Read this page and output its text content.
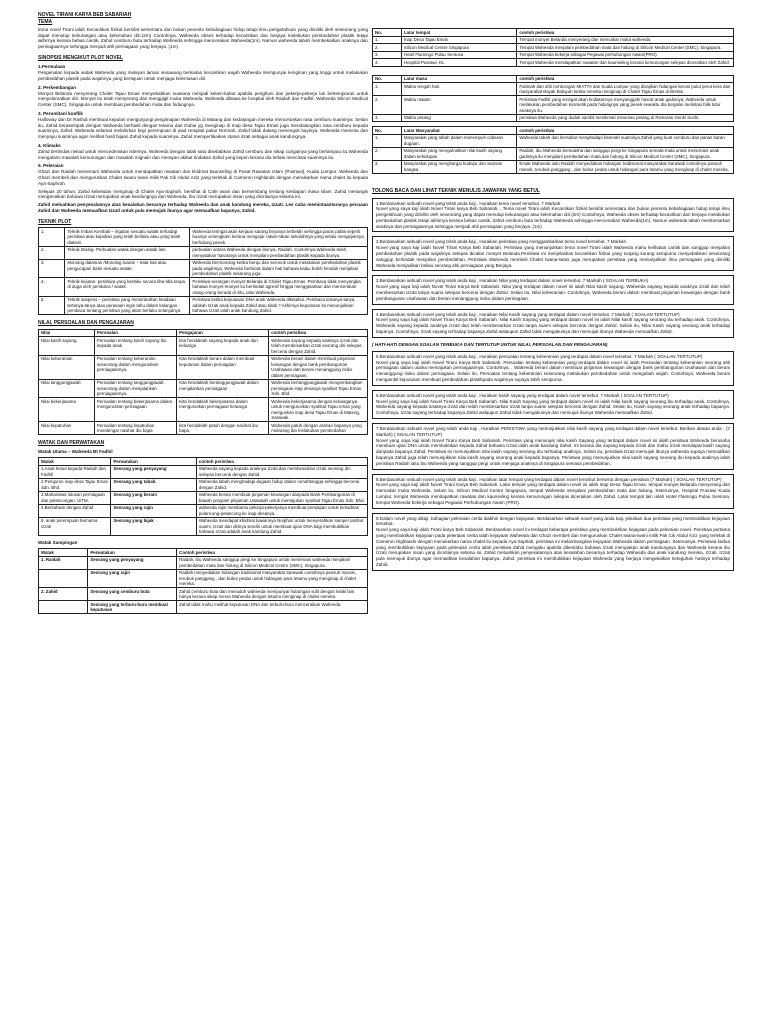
NOVEL TIRANI KARYA BEB SABARIAH

TEMA

tema novel Tirani ialah Kecantikan fizikal bersifat sementara dan bukan penentu kebahagiaan hidup tetapi ilmu pengetahuan yang dimiliki oleh seseorang yang dapat menutup kekurangan atau kelemahan diri.(2m) Contohnya, Waheeda obses terhadap kecantikan dan berjaya melakukan pembedahan plastik tetapi akhirnya kerana bebas cantik, Zahid cemburu buta terhadap Waheeda sehingga mencerakan Waheeda(1m). Namun waheeda tabah membekalkan anaknya dan perniagaannya sehingga menjadi ahli perniagaan yang berjaya. (1m)

SINOPSIS MENGIKUT PLOT NOVEL

1.Permulaan

Pengenalan kepada watak Waheeda yang melayari laman sesawang berkaitan kecantikan wajah Waheeda mempunyai kenginan yang tinggi untuk melakukan pembedahan plastik pada wajahnya yang bertujuan untuk menjaga kelemasan diri.

2. Perkembangan

Monyet Belanda menyerang Chalet Tajau Emas menyebabkan suasana menjadi kelam-kabut apabila penghuni dan pekerja-pekerja lari bertempiaran untuk menyelamatkan diri. Monyet itu telah menyerang dan menggigit muka Waheeda. Waheeda dibawa ke hospital oleh Raidah dan Fadhil. Waheeda Silicon Medical Center (SMC), Singapura untuk membuat pembedahan mata dan hidungnya.

3. Perumitan/ konflik

Halloway dan Dr Rashdi membuat kepulan mengunjungi pengimapan Waheeda di Matang dan kedatangan mereka mencetuskan rasa cemburu suaminya. Selain itu, Zahid berasempak dengan Waheeda berhasil dengan tetamu dari Dubai yg menginap di Inap desa Tajau Emas juga mendatangkan rasa cemburu kepada suaminya, Zahid. Waheeda selamat melahirkan bayi perempuan di wad Hospital pakar Normah, Zahid tidak datang menengok bayinya. Waheeda meminta dan menyayu suaminya agar melihat hasil bijaan Zahid kepada suaminya. Zahid mempertikaikan status itzati sebagai anak kandungnya.

4. Klimaks

Zahid bertindak nekad untuk mencederakan isterinya, Waheeda dengan talak satu disebabkan Zahid cemburu dan sikap curigainya yang berlampau itu.Waheeda mengalami masalah kemurungan dan masalah mignain dan merayan akibat tindakan Zahid yang kejam kerana dia terlalu mencintai suaminya itu.

5. Peleraian

Ghazi dan Raidah menemani Waheeda untuk mendapatkan rawatan dan khidmat kaunseling di Pusat Rawatan Islam (Pusrawi), Kuala Lumpur. Waheeda dan Ghazi membeli dan menguruskan Chalet Iwana Iwani milik Pak Cik Abdul Aziz yang terletak di Cameron Highlands dengan menukarkan nama chalet itu kepada Aya-Saphrah.

Selepas 20 tahun, Zahid kebetulan menginap di Chalet Aya-Saphah, bersihat di Cafe Iwani dan bersembang tentang kesilapan masa silam. Zahid menangis mengenalkan bahawa Izzati merupakan anak kandungnya dan Waheeda, ibu Izzati merupakan insan yang dicintainya selama ini.

Zahid meluahkan penyesalannya atas kesalahan besarnya terhadap Waheeda dan anak kandung mereka, Izzati. Les cuba memintaantaranya pecuaan Zahid dan Waheeda memaafkan Izzati untuk pula memujuk ibunya agar memaafkan bapanya, Zahid.

TEKNIK PLOT

1.	Teknik Imbas Kembali – ingatan sesuatu watak terhadap peristiwa atau kejadian yang telah berlaku atau yang telah dialami.	Waheeda teringat akan kerjaan sarang biryanya terbelah sehingga paras pabla seperti buanya cenengkam kerana mengejar rakan-rakan sekolahnya yang selalu mengejeknya berhidung penek.
2.	Teknik Dialog- Perbualan watak dengan watak lain.	perbualan antara Waheeda dengan ibunya, Raidah. Contohnya,Waheeda telah menyatakan hasratnya untuk menjalani pembedahan plastik kepada ibunya.
3.	Monolog dalaman /Monolog tuaran – kata hati atau pengucapan batin sesuatu watak.	Waheeda bermonolog ketika berqu dan seronok untuk melakukan pembedahan plastik pada wajahnya. Waheeda berbicak dalam hati bahawa kalau boleh hendak menjalani pembedahan plastik sekarang juga.
4.	Teknik kejutan- peristiwa yang berlaku secara tiba-tiba tanpa di duga oleh pembaca / watak.	Peristiwa serangan monyet Belanda di Chalet Tajau Emas. Pembaca tidak menyangka bahawa monyet-monyet itu bertindak agresif hingga menggetarkan dan mencerakan orang-orang berada di situ, iaitu Waheeda.
5.	Teknik saspens – peristiwa yang menimbulkan keadaan tertanya-tanya atau perasaan ingin tahu dalam kalangan pembaca tentang peristiwa yang akan berlaku selanjutnya	Peristiwa ketika keputusan DNA anak Waheeda diketahui. Pembaca tertanya-tanya, adakah Izzati anak kepada Zahid atau tidak ? Akhirnya keputusan itu menunjukkan bahawa Izzati ialah anak kandung Zahid.

NILAI, PERSOALAN DAN PENGAJARAN

Nilai	Persoalan	Pengajaran	contoh peristiwa
Nilai kasih sayang.	Persoalan tentang kasih sayang ibu kepada anak	kita hendaklah sayang kepada anak dan keluarga	Waheeda sayang kepada anaknya izzati dan telah membesarkan izzati seorang diri selepas bercerai dengan Zahid.
Nilai keberanian	Persoalan tentang keberanian seseorang dalam menguruskan perniagaannya.	Kita hendaklah berani dalam membuat keputusan dalam perniagaan	Waheeda berani dalam membuat pinjaman kewangan dengan bank pembangunan Usahawan dan berani menanggung risiko dalam perniagaan.
Nilai tanggungjawab	Persoalan tentang tanggungjawab seseorang dalam menjalankan perniagaannya.	Kita hendaklah bertanggungjawab dalam menjalankan perniagaan	Waheeda bertanggungjawab mengembangkan perniagaan inap desanya syarikat Tajau Emas Sdn. Bhd.
Nilai bekerjasama	Persoalan tentang bekerjasama dalam menguruskan perniagaan	Kita hendaklah bekerjasama dalam menguruskan perniagaan keluarga	Waheeda bekerjasama dengan keluarganya untuk menguruskan syarikat Tajau emas yang menguskan inap desa Tajau Emas di Mateng, Sarawak.
Nilai kepatuhan	Persoalan tentang kepatuhan mendengar nasihat ibu bapa	kita hendaklah patuh dengan nasihat ibu bapa.	Waheeda patuh dengan arahan bapanya yang melarang dia melakukan pembedahan

WATAK DAN PERWATAKAN

Watak Utama – Waheeda Bt Fadhil

Watak	Perwatakan	contoh peristiwa
1.Anak ketua kepada Raidah dan Fadhil	Seorang yang penyayang	Waheeda sayang kepada anaknya izzati dan membesarkan izzati seorang diri selepas bercerai dengan Zahid.
2.Pengurus inap desa Tajau Emas Sdn. Bhd.	Seorang yang tabah.	Waheeda tabah menghadapi dugaan hidup dalam rumahtangga sehingga bercerai dengan Zahid.
3.Mahasiswa lulusan perniagaan dan pelancongan, UiTM.	Seorang yang berani	Waheeda berani membuat pinjaman kewangan daripada Bank Pembangunan di bawah program pinjaman Usawaah untuk memajukan syarikat Tajau Emas Sdn. Bhd.
4.Berkahwin dengan Zahid	Seorang yang rajin	waheeda rajin membantu pekerja-pekerjanya membuat persiapan untuk kehadiran pelancong-pelancong ke inap desanya.
5. anak perempuan bernama izzati	Seorang yang bijak	Waheeda mendapat khidmat kawannya Nurjihan untuk menyerahkan sampel rambut suami, Izzati dan dirinya sendiri untuk membuat ujian DNA bagi membuktikan bahawa Izzati adalah anak kandung Zahid.

Watak Sampingan

Watak	Perwatakan	Contoh peristiwa
1. Raidah	Seorang yang penyayang	Raidah, ibu Waheeda sanggup pergi ke Singapura untuk menemani waheeda menjalani pembedahan mata dan hidung di Silicon Medical Centre (SMC), Singapura.
	Seorang yang rajin	Raidah menyediakan hidangan tradisional masyarakat Sarawak contohnya pansuh manok, terubuk panggang , dan bubur pedas untuk hidangan para tetamu yang menginap di chalet mereka.
2. Zahid	Seorang yang cemburu buta	Zahid cemburu buta dan menuduh waheeda mempunyai hubungan sulit dengan lelaki lain hanya kerana sikap mesra Waheeda dengan tetamu menginap di chalet mereka.
	Seorang yang terburu-buru membuat keputusan	Zahid tidak mahu melihat keputusan DNA dan terburu-buru menceraikan Waheeda.
No.	Latar tempat	contoh peristiwa
1.	Inap Desa Tajau Emas	Tempat monyet Belanda menyerang dan mencakar muka waheeda.
2.	Silicon Medical Centre Singapura	Tempat Waheeda menjalani pembedahan mata dan hidung di Silicon Medical Center (SMC), Singapura.
3.	Hotel Flamingo Pulau Sentosa	Tempat Waheeda bekerja sebagai Pegawai perhubungan Awam(PRO).
4.	Hospital Pusrawi, KL	Tempat Waheeda mendapatkan rawatan dan kaunseling kerana kemurungan selepas diceraikan oleh Zahid
No.	Latar masa	contoh peristiwa
1.	Waktu tengah hari.	Fatimah dan ahli rombongan MIATTA dan Kuala Lumpur yang disajikan hidangan kerusi pulut perut kera dan masyarakat Bayak Bidayuh ketika mereka menginap di Chalet Tajau Emas di Bretak.
2.	Waktu malam	Peristiwa Fadhil yang teringat akan tindakannya menyanggahi hasrat anak gadisnya, Waheeda untuk melakukan pembedahan kosmetik pada hidungnya yang pesek sewaktu dia berjalan melintasi bilik tidur anaknya itu.
3.	Waktu petang	peristiwa Waheeda yang duduk sambil menikmati minuman petang di Restoran Genki Sushi.
No.	Latar Masyarakat	contoh peristiwa
1.	Masyarakat yang tabah dalam menempuh cabaran dugaan.	Waheeda tabah dan bersabar menghadapi karenah suaminya Zahid yang kuat cemburu dan panas baran.
2.	Masyarakat yang mengamalkan nilai kasih sayang dalam kehidupan	Raidah, ibu Waheeda bersuasha dan sanggup pergi ke Singapura semata-mata untuk menemani anak gadisnya itu menjalani pembedahan mata dan hidung di Silicon Medical Center (SMC), Singapura.
3.	Masyarakat yang menghargai budaya dan warisan bangsa	Emak Waheeda iaitu Raidah menyediakan hidangan tradisional masyarakat Sarawak contohnya pansuh manok, terubuk panggang , dan bubur pedas untuk hidangan para tetamu yang menginap di chalet mereka.

TOLONG BACA DAN LIHAT TEKNIK MENULIS JAWAPAN YANG BETUL

1.Berdasarkan sebuah novel yang telah anda kaji , Huraikan tema novel tersebut. 7 Markah

Novel yang saya kaji ialah Novel Tirani karya Beb Sabariah. , Tema novel Tirani ialah Kecantikan fizikal bersifat sementara dan bukan penentu kebahagiaan hidup tetapi ilmu pengetahuan yang dimiliki oleh seseorang yang dapat menutup kekurangan atau kelemahan diri.(2m) Contohnya, Waheeda obses terhadap kecantikan dan berjaya melakukan pembedahan plastik tetapi akhirnya kerana bebas cantik, Zahid cemburu buta terhadap Waheeda sehingga menceraikan Waheeda(1m). Namun waheeda tabah membesarkan anaknya dan perniagaannya sehingga menjadi ahli perniagaan yang berjaya. (1m)

2.Berdasarkan sebuah novel yang telah anda kaji , Huraikan peristiwa yang menggambarkan tema novel tersebut. 7 Markah

Novel yang saya kaji ialah Novel Tirani Karya Beb Sabariah. Peristiwa yang menunjukkan tema novel Tirani ialah Waheeda mahu kelihatan cantik dan sanggup menjalani pembedahan plastik pada wajahnya selepas dicakar monyet Belanda.Peristiwa ini menjelaskan kecantikan fizikal yang tunjang kurang sempurna menyebabkan seseorang sanggup bertindak menjalani pembedahan. Peristiwa Waheeda membeli Chalet Iwana-Iwani juga merupakan peristiwa yang menunjukkan ilmu perniagaan yang dimiliki Waheeda menjadikan beliau seorang ahli perniagaan yang Berjaya.

3.Berdasarkan sebuah novel yang telah anda kaji , Huraikan Nilai yang terdapat dalam novel tersebut. 7 Markah ( SOALAN TERBUKA)

Novel yang saya kaji ialah Novel Tirani Karya Beb Sabariah. Nilai yang terdapat dalam novel ini ialah Nilai kasih sayang. Waheeda sayang kepada anaknya izzati dan telah membesarkan izzati tanpa suami selepas bercerai dengan Zahid. Selain itu, Nilai keberanian. Contohnya, Waheeda berani dalam membuat pinjaman kewangan dengan bank pembangunan Usahawan dan berani menanggung risiko dalam perniagaan.

4.Berdasarkan sebuah novel yang telah anda kaji , Huraikan Nilai Kasih sayang yang terdapat dalam novel tersebut. 7 Markah ( SOALAN TERTUTUP)

Novel yang saya kaji ialah Novel Tirani Karya Beb Sabariah. Nilai Kasih Sayang yang terdapat dalam novel ini ialah Nilai kasih sayang seorang ibu terhadap anak. Contohnya, Waheeda sayang kepada anaknya izzati dan telah membesarkan Izzati tanpa suami selepas bercerai dengan Zahid. Selain itu, Nilai Kasih sayang seorang anak terhadap bapanya. Contohnya, Izzati sayang terhadap bapanya Zahid walaupun Zahid tidak mengakuinya dan memujuk ibunya Waheeda memaafkan Zahid.

( HATI-HATI DENGAN SOALAN TERBUKA DAN TERTUTUP UNTUK NILAI, PERSOALAN DAN PENGAJARAN)

5.Berdasarkan sebuah novel yang telah anda kaji , Huraikan persoalan tentang keberanian yang terdapat dalam novel tersebut. 7 Markah ( SOALAN TERTUTUP)

Novel yang saya kaji ialah Novel Tirani Karya Beb Sabariah. Persoalan tentang keberanian yang terdapat dalam novel ini ialah Persoalan tentang keberanian seorang ahli perniagaan dalam usaha memajukan perniagaannya. Contohnya, . Waheeda berani dalam membuat pinjaman kewangan dengan bank pembangunan Usahawan dan berani menanggung risiko dalam perniagaan. Selain itu, Persoalan tentang keberanian seseorang melakukan pembedahan untuk mengubah wajah. Contohnya, Waheeda berani mengambil keputusan membuat pembedahan plastikpada wajahnya supaya lebih sempurna.

6.Berdasarkan sebuah novel yang telah anda kaji , Huraikan kasih sayang yang terdapat dalam novel tersebut. 7 Markah ( SOALAN TERTUTUP)

Novel yang saya kaji ialah Novel Tirani Karya Beb Sabariah. Nilai Kasih Sayang yang terdapat dalam novel ini ialah Nilai kasih sayang seorang ibu terhadap anak. Contohnya, Waheeda sayang kepada anaknya izzati dan telah membesarkan Izzati tanpa suami selepas bercerai dengan Zahid. Selain itu, Kasih sayang seorang anak terhadap bapanya. Contohnya, Izzati sayang terhadap bapanya Zahid walaupun Zahid tidak mengakuinya dan memujuk ibunya Waheeda memaafkan Zahid.

7.Berdasarkan sebuah novel yang telah anda kaji , Huraikan PERISTIWA yang menunjukkan nilai kasih sayang yang terdapat dalam novel tersebut. Berikan alasan anda . (7 Markah) ( SOALAN TERTUTUP)

Novel yang saya kaji ialah Novel Tirani Karya Beb Sabariah. Peristiwa yang menunjuk nilai kasih Sayang yang terdapat dalam novel ini ialah peristiwa Waheeda berusaha membuat ujian DNA untuk membuktikan kepada Zahid bahawa Izzati ialah anak kandung Zahid. Ini kerana dia sayang kepada Izzati dan mahu izzati mendapat kasih sayang daripada bapanya Zahid. Peristiwa ini menunjukkan nilai kasih sayang seorang ibu terhadap anaknya. Selain itu, peristiwa Izzati memujuk ibunya waheeda supaya memaafkan bapanya Zahid juga telah menunjukkan nilai kasih sayang seorang anak kepada bapanya. Peristiwa yang menunjukkan nilai kasih sayang seorang ibu kepada anaknya ialah peristiwa Raidah iaitu ibu Waheeda yang sanggup pergi untuk menjaga anaknya di Singapura semasa pembedahan.

8.Berdasarkan sebuah novel yang telah anda kaji , Huraikan latar tempat yang terdapat dalam novel tersebut berserta dengan peristiwa (7 Markah) ( SOALAN TERTUTUP)

Novel yang saya kaji ialah Novel Tirani Karya Beb Sabariah. Latar tempat yang terdapat dalam novel ini ialah Inap Desa Tajau Emas, tempat monyet Belanda menyerang dan mencakar muka Waheeda. Selain itu, Silicon Medical Centre Singapura, tempat Waheeda menjalani pembedahan mata dan hidung. Seterusnya, Hospital Pusrawi Kuala Lumpur, tempat Waheeda mendapatkan rawatan dan kaunseling kerana kemurungan selepas diceraikan oleh Zahid. Latar tempat lain ialah Hotel Flamingo Pulau Sentosa, tempat Waheeda bekerja sebagai Pegawai Perhubungan Awam (PRO).

9.Dalam novel yang dikaji, bahagian peleraian cerita diakhiri dengan kejayaan. Berdasarkan sebuah novel yang anda kaji, jelaskan dua peristiwa yang membuktikan kejayaan tersebut.

Novel yang saya kaji ialah Tirani karya Beb Sabariah. Berdasarkan novel ini terdapat beberapa peristiwa yang membuktikan kejayaan pada peleraian novel. Peristiwa pertama yang membuktikan kejayaan pada peleraian cerita ialah kejayaan Waheeda dan Ghazi membeli dan menguruskan Chalet Iwana-Iwani milik Pak Cik Abdul Aziz yang terletak di Cameron Highlands dengan menukarkan nama chalet itu kepada Aya-Saphah, peristiwa ini melambangkan kejayaan Waheeda dalam perniagaan. Seterusnya, Peristiwa kedua yang membuktikan kejayaan pada peleraian cerita ialah peristiwa Zahid mengaku apabila diberitahu bahawa Izzati merupakan anak kandungnya dan Waheeda kerana ibu Izzati merupakan insan yang dicintainya selama ini. Zahid meluahkan penyesalannya atas kesalahan besarnya terhadap Waheeda dan anak kandung mereka, Izzati. Izzati pula memujuk ibunya agar memaafkan kesalahan bapanya, Zahid. peristiwa ini membuktikan kejayaan Waheeda yang berjaya mengekalkan keteguhan hatinya terhadap Zahid.
